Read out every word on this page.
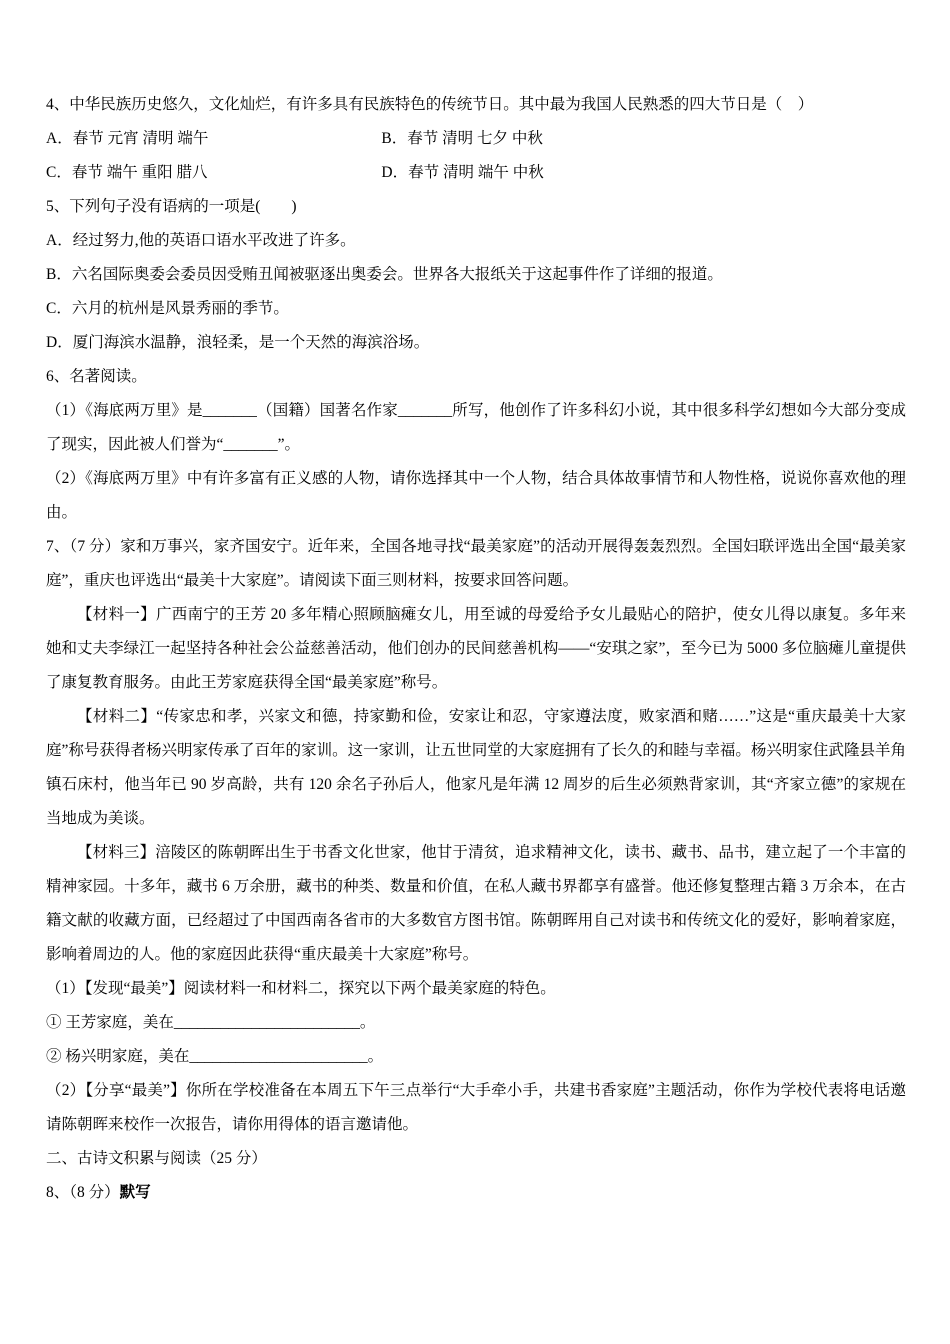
4、中华民族历史悠久，文化灿烂，有许多具有民族特色的传统节日。其中最为我国人民熟悉的四大节日是（　）

A．春节 元宵 清明 端午	B．春节 清明 七夕 中秋
C．春节 端午 重阳 腊八	D．春节 清明 端午 中秋

5、下列句子没有语病的一项是(　　)

A．经过努力,他的英语口语水平改进了许多。

B．六名国际奥委会委员因受贿丑闻被驱逐出奥委会。世界各大报纸关于这起事件作了详细的报道。

C．六月的杭州是风景秀丽的季节。

D．厦门海滨水温静，浪轻柔，是一个天然的海滨浴场。

6、名著阅读。

（1）《海底两万里》是_______（国籍）国著名作家_______所写，他创作了许多科幻小说，其中很多科学幻想如今大部分变成了现实，因此被人们誉为“_______”。

（2）《海底两万里》中有许多富有正义感的人物，请你选择其中一个人物，结合具体故事情节和人物性格，说说你喜欢他的理由。

7、（7 分）家和万事兴，家齐国安宁。近年来，全国各地寻找“最美家庭”的活动开展得轰轰烈烈。全国妇联评选出全国“最美家庭”，重庆也评选出“最美十大家庭”。请阅读下面三则材料，按要求回答问题。

【材料一】广西南宁的王芳 20 多年精心照顾脑瘫女儿，用至诚的母爱给予女儿最贴心的陪护，使女儿得以康复。多年来她和丈夫李绿江一起坚持各种社会公益慈善活动，他们创办的民间慈善机构——“安琪之家”，至今已为 5000 多位脑瘫儿童提供了康复教育服务。由此王芳家庭获得全国“最美家庭”称号。

【材料二】“传家忠和孝，兴家文和德，持家勤和俭，安家让和忍，守家遵法度，败家酒和赌……”这是“重庆最美十大家庭”称号获得者杨兴明家传承了百年的家训。这一家训，让五世同堂的大家庭拥有了长久的和睦与幸福。杨兴明家住武隆县羊角镇石床村，他当年已 90 岁高龄，共有 120 余名子孙后人，他家凡是年满 12 周岁的后生必须熟背家训，其“齐家立德”的家规在当地成为美谈。

【材料三】涪陵区的陈朝晖出生于书香文化世家，他甘于清贫，追求精神文化，读书、藏书、品书，建立起了一个丰富的精神家园。十多年，藏书 6 万余册，藏书的种类、数量和价值，在私人藏书界都享有盛誉。他还修复整理古籍 3 万余本，在古籍文献的收藏方面，已经超过了中国西南各省市的大多数官方图书馆。陈朝晖用自己对读书和传统文化的爱好，影响着家庭，影响着周边的人。他的家庭因此获得“重庆最美十大家庭”称号。

（1）【发现“最美”】阅读材料一和材料二，探究以下两个最美家庭的特色。

① 王芳家庭，美在________________________。

② 杨兴明家庭，美在_______________________。

（2）【分享“最美”】你所在学校准备在本周五下午三点举行“大手牵小手，共建书香家庭”主题活动，你作为学校代表将电话邀请陈朝晖来校作一次报告，请你用得体的语言邀请他。

二、古诗文积累与阅读（25 分）

8、（8 分）默写
